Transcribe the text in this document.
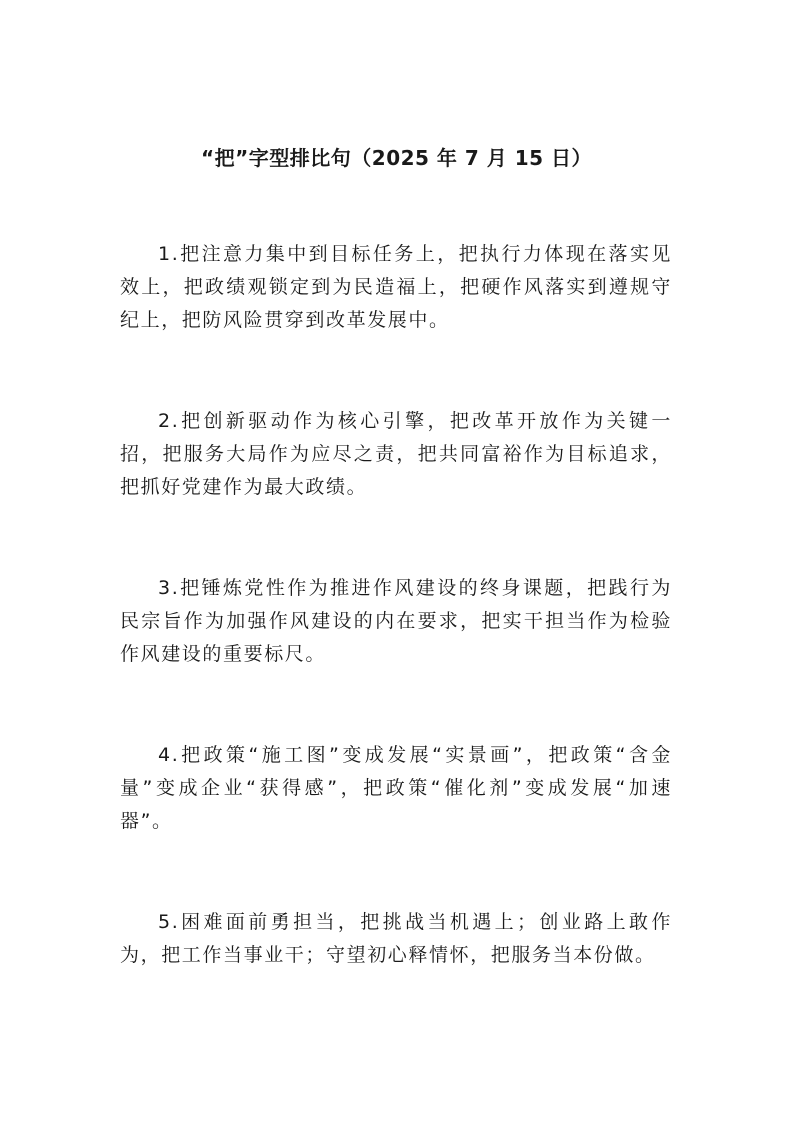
“把”字型排比句（2025 年 7 月 15 日）

1.把注意力集中到目标任务上，把执行力体现在落实见效上，把政绩观锁定到为民造福上，把硬作风落实到遵规守纪上，把防风险贯穿到改革发展中。

2.把创新驱动作为核心引擎，把改革开放作为关键一招，把服务大局作为应尽之责，把共同富裕作为目标追求，把抓好党建作为最大政绩。

3.把锤炼党性作为推进作风建设的终身课题，把践行为民宗旨作为加强作风建设的内在要求，把实干担当作为检验作风建设的重要标尺。

4.把政策“施工图”变成发展“实景画”，把政策“含金量”变成企业“获得感”，把政策“催化剂”变成发展“加速器”。

5.困难面前勇担当，把挑战当机遇上；创业路上敢作为，把工作当事业干；守望初心释情怀，把服务当本份做。
